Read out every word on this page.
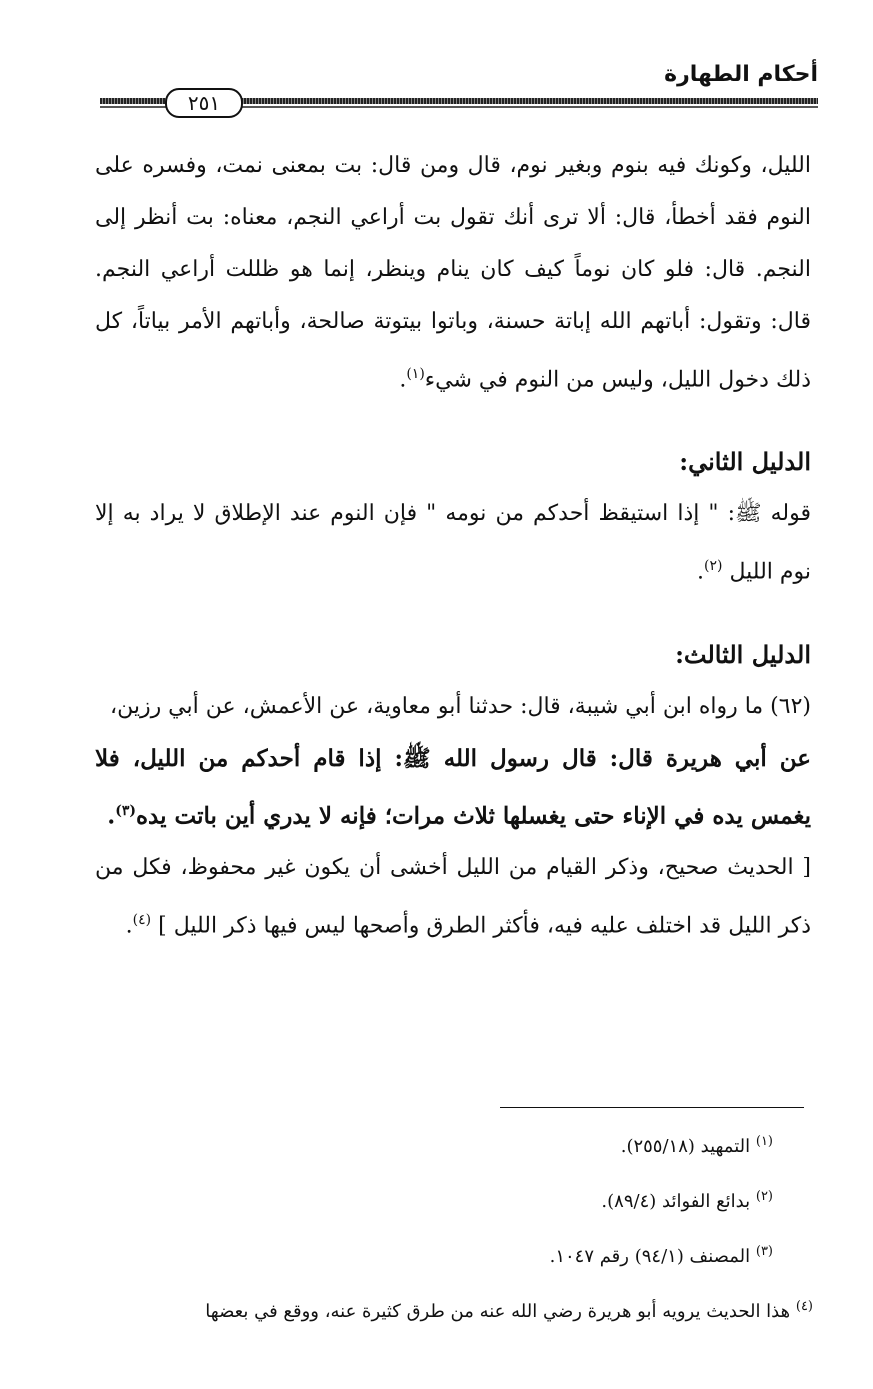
أحكام الطهارة
٢٥١

الليل، وكونك فيه بنوم وبغير نوم، قال ومن قال: بت بمعنى نمت، وفسره على النوم فقد أخطأ، قال: ألا ترى أنك تقول بت أراعي النجم، معناه: بت أنظر إلى النجم. قال: فلو كان نوماً كيف كان ينام وينظر، إنما هو ظللت أراعي النجم. قال: وتقول: أباتهم الله إباتة حسنة، وباتوا بيتوتة صالحة، وأباتهم الأمر بياتاً، كل ذلك دخول الليل، وليس من النوم في شيء$^{(١)}$.

الدليل الثاني:

قوله ﷺ: " إذا استيقظ أحدكم من نومه " فإن النوم عند الإطلاق لا يراد به إلا نوم الليل $^{(٢)}$.

الدليل الثالث:

(٦٢) ما رواه ابن أبي شيبة، قال: حدثنا أبو معاوية، عن الأعمش، عن أبي رزين،

عن أبي هريرة قال: قال رسول الله ﷺ: إذا قام أحدكم من الليل، فلا يغمس يده في الإناء حتى يغسلها ثلاث مرات؛ فإنه لا يدري أين باتت يده$^{(٣)}$.

[ الحديث صحيح، وذكر القيام من الليل أخشى أن يكون غير محفوظ، فكل من ذكر الليل قد اختلف عليه فيه، فأكثر الطرق وأصحها ليس فيها ذكر الليل ] $^{(٤)}$.

$^{(١)}$ التمهيد (٢٥٥/١٨).

$^{(٢)}$ بدائع الفوائد (٨٩/٤).

$^{(٣)}$ المصنف (٩٤/١) رقم ١٠٤٧.

$^{(٤)}$ هذا الحديث يرويه أبو هريرة رضي الله عنه من طرق كثيرة عنه، ووقع في بعضها
